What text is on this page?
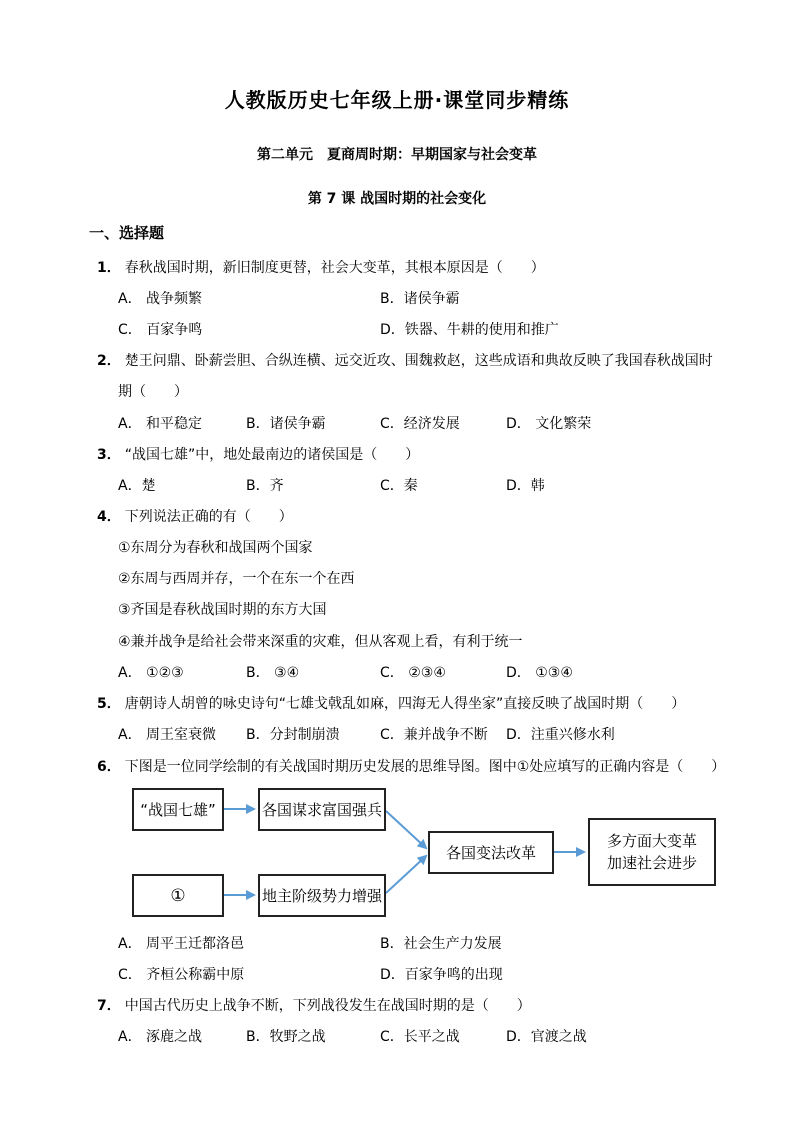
人教版历史七年级上册·课堂同步精练
第二单元　夏商周时期：早期国家与社会变革
第 7 课 战国时期的社会变化
一、选择题
1． 春秋战国时期，新旧制度更替，社会大变革，其根本原因是（　　）
A． 战争频繁	B．诸侯争霸
C． 百家争鸣	D．铁器、牛耕的使用和推广
2． 楚王问鼎、卧薪尝胆、合纵连横、远交近攻、围魏救赵，这些成语和典故反映了我国春秋战国时
期（　　）
A． 和平稳定	B．诸侯争霸	C．经济发展	D． 文化繁荣
3． “战国七雄”中，地处最南边的诸侯国是（　　）
A．楚	B．齐	C．秦	D．韩
4． 下列说法正确的有（　　）
①东周分为春秋和战国两个国家
②东周与西周并存，一个在东一个在西
③齐国是春秋战国时期的东方大国
④兼并战争是给社会带来深重的灾难，但从客观上看，有利于统一
A． ①②③	B． ③④	C． ②③④	D． ①③④
5． 唐朝诗人胡曾的咏史诗句“七雄戈戟乱如麻，四海无人得坐家”直接反映了战国时期（　　）
A． 周王室衰微 B．分封制崩溃	C．兼并战争不断 D．注重兴修水利
6． 下图是一位同学绘制的有关战国时期历史发展的思维导图。图中①处应填写的正确内容是（　　）
“战国七雄”	各国谋求富国强兵
①	地主阶级势力增强
各国变法改革
多方面大变革
加速社会进步
A． 周平王迁都洛邑	B．社会生产力发展
C． 齐桓公称霸中原	D．百家争鸣的出现
7． 中国古代历史上战争不断，下列战役发生在战国时期的是（　　）
A． 涿鹿之战	B．牧野之战	C．长平之战	D．官渡之战
